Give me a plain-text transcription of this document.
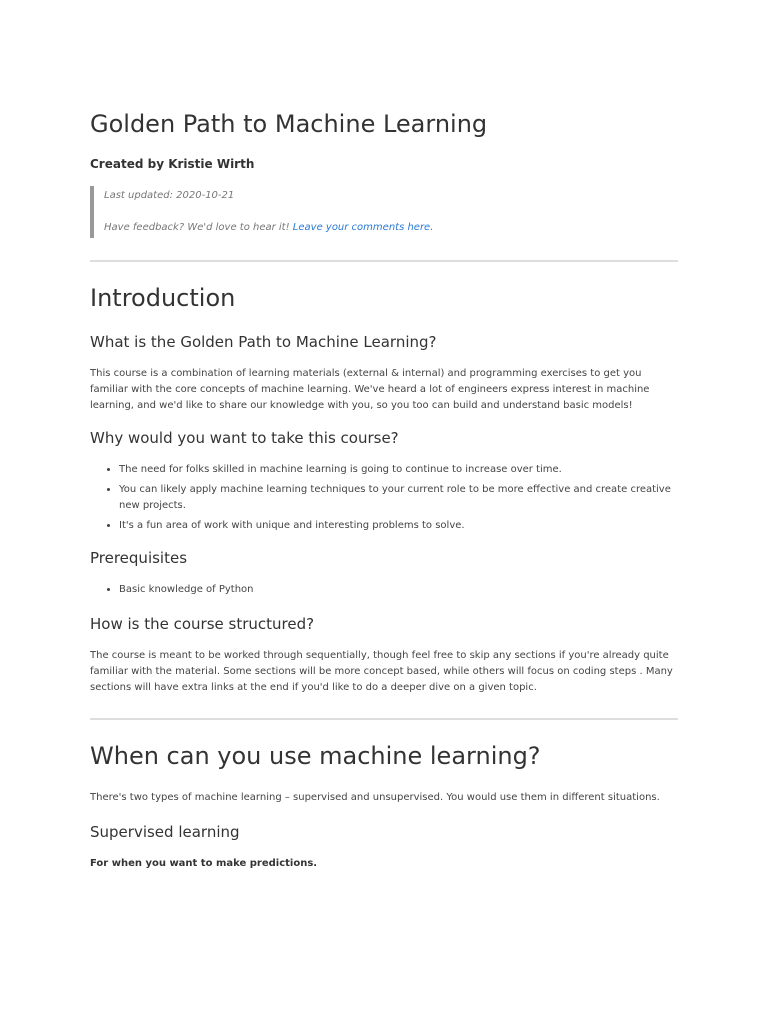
Golden Path to Machine Learning
Created by Kristie Wirth

Last updated: 2020-10-21

Have feedback? We'd love to hear it! Leave your comments here.

Introduction
What is the Golden Path to Machine Learning?

This course is a combination of learning materials (external & internal) and programming exercises to get you familiar with the core concepts of machine learning. We've heard a lot of engineers express interest in machine learning, and we'd like to share our knowledge with you, so you too can build and understand basic models!

Why would you want to take this course?
• The need for folks skilled in machine learning is going to continue to increase over time.
• You can likely apply machine learning techniques to your current role to be more effective and create creative new projects.
• It's a fun area of work with unique and interesting problems to solve.
Prerequisites
• Basic knowledge of Python
How is the course structured?

The course is meant to be worked through sequentially, though feel free to skip any sections if you're already quite familiar with the material. Some sections will be more concept based, while others will focus on coding steps . Many sections will have extra links at the end if you'd like to do a deeper dive on a given topic.

When can you use machine learning?

There's two types of machine learning – supervised and unsupervised. You would use them in different situations.

Supervised learning
For when you want to make predictions.
